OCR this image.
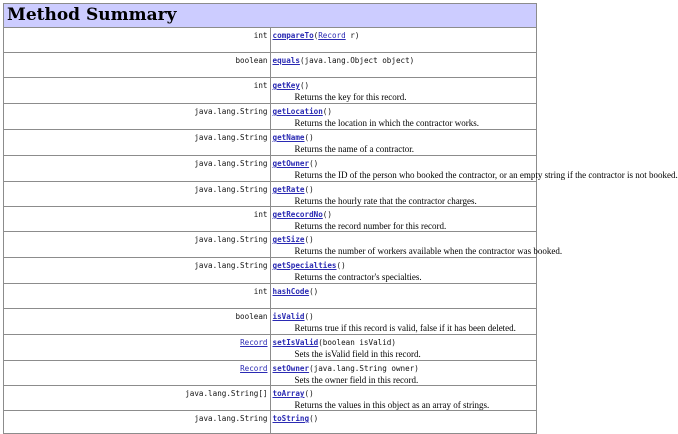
Method Summary	
int	compareTo(Record r)

boolean	equals(java.lang.Object object)

int	getKey()
Returns the key for this record.

java.lang.String	getLocation()
Returns the location in which the contractor works.

java.lang.String	getName()
Returns the name of a contractor.

java.lang.String	getOwner()
Returns the ID of the person who booked the contractor, or an empty string if the contractor is not booked.

java.lang.String	getRate()
Returns the hourly rate that the contractor charges.

int	getRecordNo()
Returns the record number for this record.

java.lang.String	getSize()
Returns the number of workers available when the contractor was booked.

java.lang.String	getSpecialties()
Returns the contractor's specialties.

int	hashCode()

boolean	isValid()
Returns true if this record is valid, false if it has been deleted.

Record	setIsValid(boolean isValid)
Sets the isValid field in this record.

Record	setOwner(java.lang.String owner)
Sets the owner field in this record.

java.lang.String[]	toArray()
Returns the values in this object as an array of strings.

java.lang.String	toString()
